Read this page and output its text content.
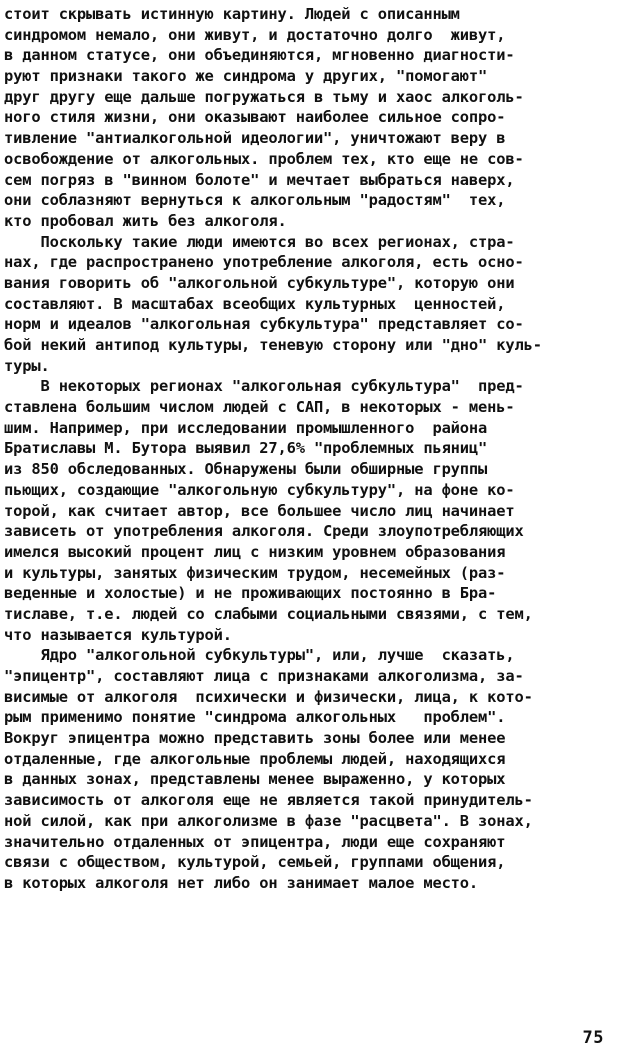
стоит скрывать истинную картину. Людей с описанным
синдромом немало, они живут, и достаточно долго  живут,
в данном статусе, они объединяются, мгновенно диагности-
руют признаки такого же синдрома у других, "помогают"
друг другу еще дальше погружаться в тьму и хаос алкоголь-
ного стиля жизни, они оказывают наиболее сильное сопро-
тивление "антиалкогольной идеологии", уничтожают веру в
освобождение от алкогольных. проблем тех, кто еще не сов-
сем погряз в "винном болоте" и мечтает выбраться наверх,
они соблазняют вернуться к алкогольным "радостям"  тех,
кто пробовал жить без алкоголя.
Поскольку такие люди имеются во всех регионах, стра-
нах, где распространено употребление алкоголя, есть осно-
вания говорить об "алкогольной субкультуре", которую они
составляют. В масштабах всеобщих культурных  ценностей,
норм и идеалов "алкогольная субкультура" представляет со-
бой некий антипод культуры, теневую сторону или "дно" куль-
туры.
В некоторых регионах "алкогольная субкультура"  пред-
ставлена большим числом людей с САП, в некоторых - мень-
шим. Например, при исследовании промышленного  района
Братиславы М. Бутора выявил 27,6% "проблемных пьяниц"
из 850 обследованных. Обнаружены были обширные группы
пьющих, создающие "алкогольную субкультуру", на фоне ко-
торой, как считает автор, все большее число лиц начинает
зависеть от употребления алкоголя. Среди злоупотребляющих
имелся высокий процент лиц с низким уровнем образования
и культуры, занятых физическим трудом, несемейных (раз-
веденные и холостые) и не проживающих постоянно в Бра-
тиславе, т.е. людей со слабыми социальными связями, с тем,
что называется культурой.
Ядро "алкогольной субкультуры", или, лучше  сказать,
"эпицентр", составляют лица с признаками алкоголизма, за-
висимые от алкоголя  психически и физически, лица, к кото-
рым применимо понятие "синдрома алкогольных   проблем".
Вокруг эпицентра можно представить зоны более или менее
отдаленные, где алкогольные проблемы людей, находящихся
в данных зонах, представлены менее выраженно, у которых
зависимость от алкоголя еще не является такой принудитель-
ной силой, как при алкоголизме в фазе "расцвета". В зонах,
значительно отдаленных от эпицентра, люди еще сохраняют
связи с обществом, культурой, семьей, группами общения,
в которых алкоголя нет либо он занимает малое место.
75
